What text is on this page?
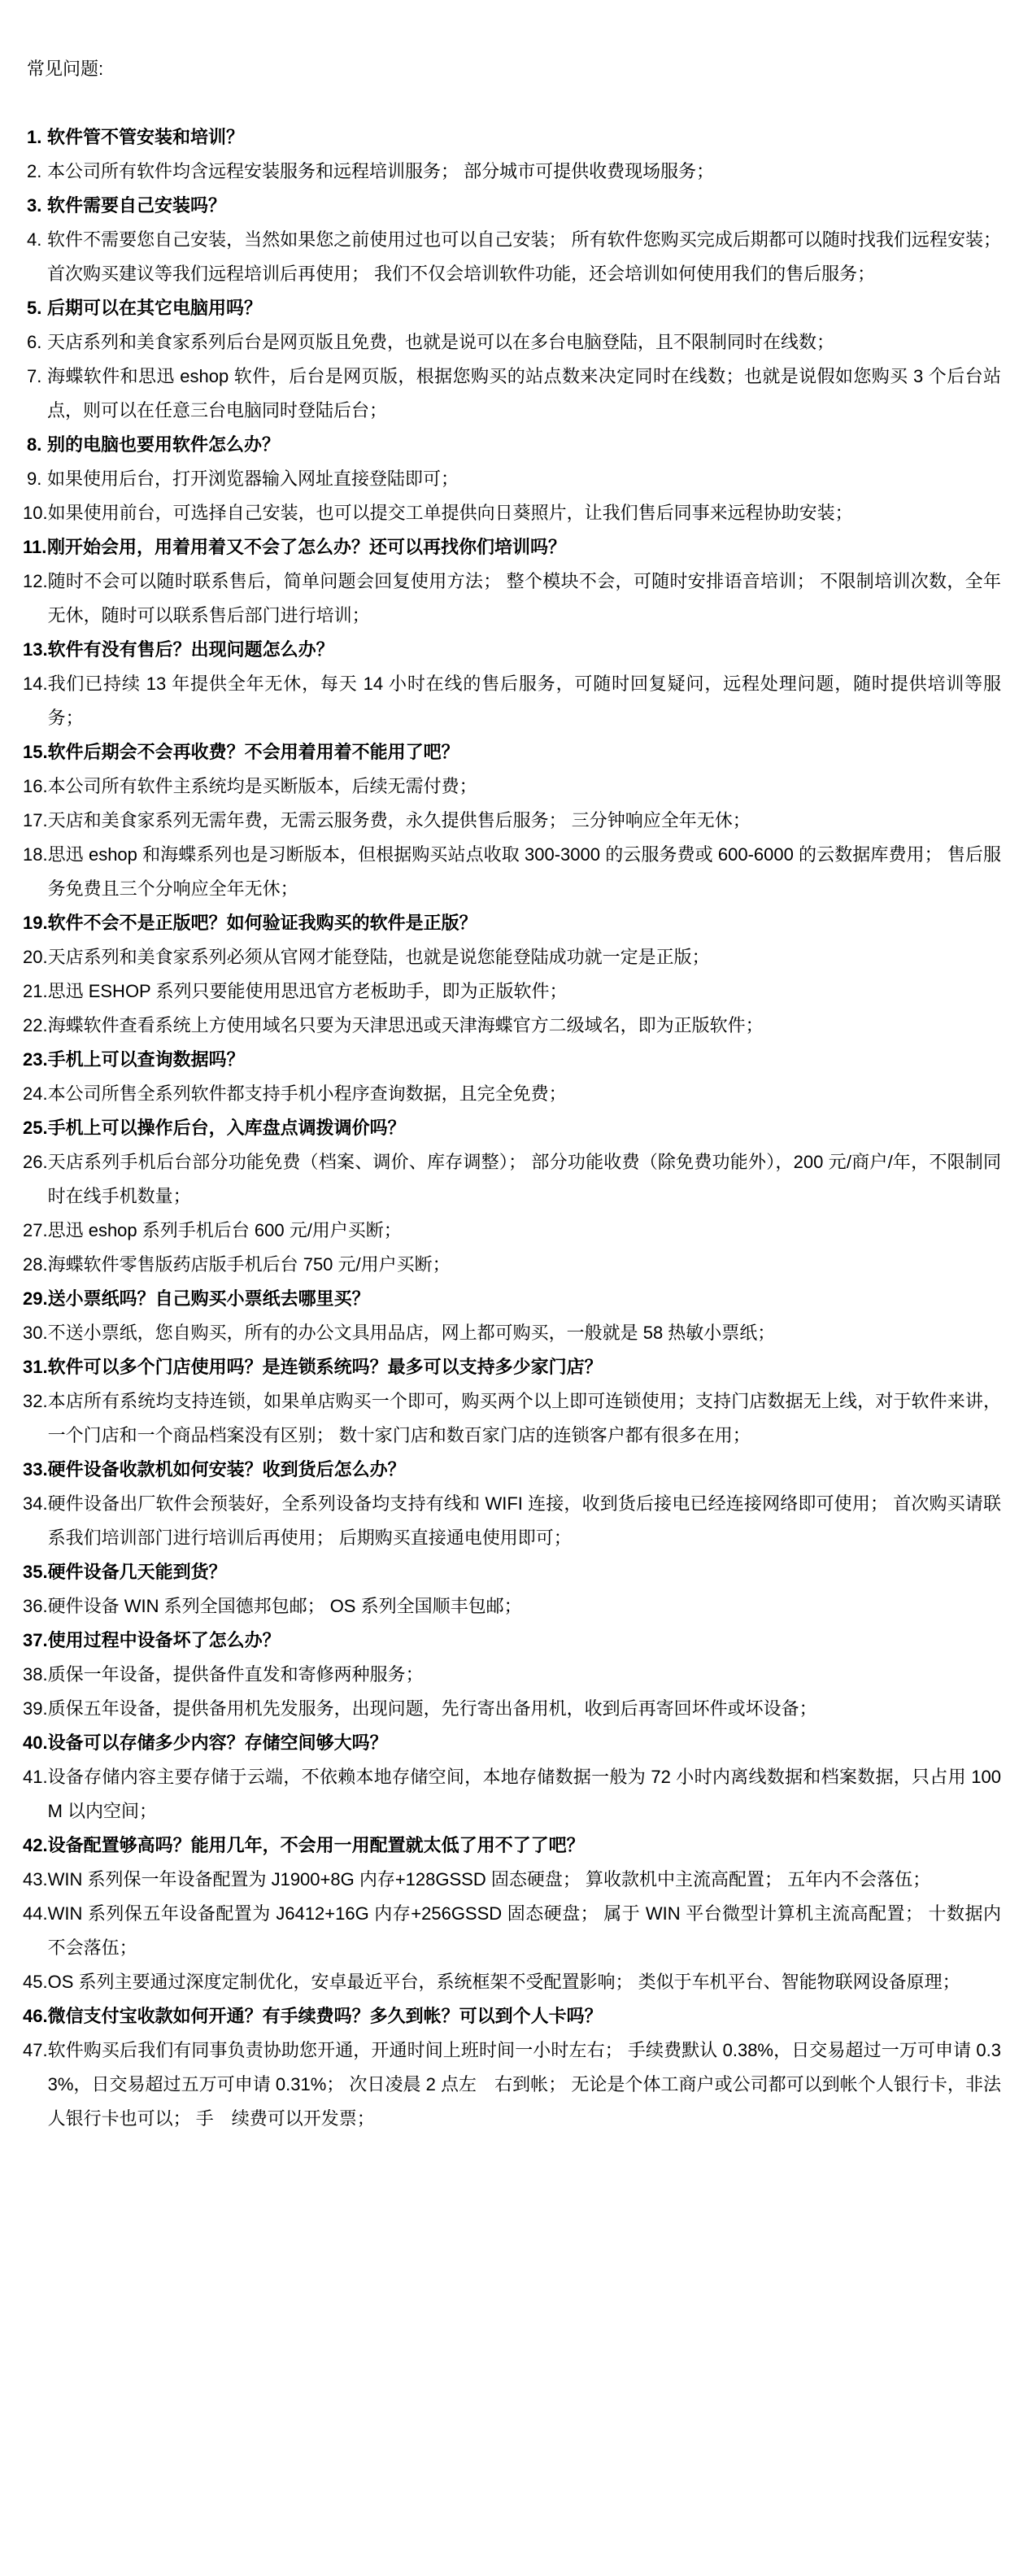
常见问题:

1. 软件管不管安装和培训？
2. 本公司所有软件均含远程安装服务和远程培训服务； 部分城市可提供收费现场服务；
3. 软件需要自己安装吗？
4. 软件不需要您自己安装，当然如果您之前使用过也可以自己安装； 所有软件您购买完成后期都可以随时找我们远程安装； 首次购买建议等我们远程培训后再使用； 我们不仅会培训软件功能，还会培训如何使用我们的售后服务；
5. 后期可以在其它电脑用吗？
6. 天店系列和美食家系列后台是网页版且免费，也就是说可以在多台电脑登陆，且不限制同时在线数；
7. 海蝶软件和思迅 eshop 软件，后台是网页版，根据您购买的站点数来决定同时在线数；也就是说假如您购买 3 个后台站点，则可以在任意三台电脑同时登陆后台；
8. 别的电脑也要用软件怎么办？
9. 如果使用后台，打开浏览器输入网址直接登陆即可；
10. 如果使用前台，可选择自己安装，也可以提交工单提供向日葵照片，让我们售后同事来远程协助安装；
11. 刚开始会用，用着用着又不会了怎么办？还可以再找你们培训吗？
12. 随时不会可以随时联系售后，简单问题会回复使用方法； 整个模块不会，可随时安排语音培训； 不限制培训次数，全年无休，随时可以联系售后部门进行培训；
13. 软件有没有售后？出现问题怎么办？
14. 我们已持续 13 年提供全年无休，每天 14 小时在线的售后服务，可随时回复疑问，远程处理问题，随时提供培训等服务；
15. 软件后期会不会再收费？不会用着用着不能用了吧？
16. 本公司所有软件主系统均是买断版本，后续无需付费；
17. 天店和美食家系列无需年费，无需云服务费，永久提供售后服务； 三分钟响应全年无休；
18. 思迅 eshop 和海蝶系列也是习断版本，但根据购买站点收取 300-3000 的云服务费或 600-6000 的云数据库费用； 售后服务免费且三个分响应全年无休；
19. 软件不会不是正版吧？如何验证我购买的软件是正版？
20. 天店系列和美食家系列必须从官网才能登陆，也就是说您能登陆成功就一定是正版；
21. 思迅 ESHOP 系列只要能使用思迅官方老板助手，即为正版软件；
22. 海蝶软件查看系统上方使用域名只要为天津思迅或天津海蝶官方二级域名，即为正版软件；
23. 手机上可以查询数据吗？
24. 本公司所售全系列软件都支持手机小程序查询数据，且完全免费；
25. 手机上可以操作后台，入库盘点调拨调价吗？
26. 天店系列手机后台部分功能免费（档案、调价、库存调整）； 部分功能收费（除免费功能外），200 元/商户/年，不限制同时在线手机数量；
27. 思迅 eshop 系列手机后台 600 元/用户买断；
28. 海蝶软件零售版药店版手机后台 750 元/用户买断；
29. 送小票纸吗？自己购买小票纸去哪里买？
30. 不送小票纸，您自购买，所有的办公文具用品店，网上都可购买，一般就是 58 热敏小票纸；
31. 软件可以多个门店使用吗？是连锁系统吗？最多可以支持多少家门店？
32. 本店所有系统均支持连锁，如果单店购买一个即可，购买两个以上即可连锁使用；支持门店数据无上线，对于软件来讲，一个门店和一个商品档案没有区别； 数十家门店和数百家门店的连锁客户都有很多在用；
33. 硬件设备收款机如何安装？收到货后怎么办？
34. 硬件设备出厂软件会预装好，全系列设备均支持有线和 WIFI 连接，收到货后接电已经连接网络即可使用； 首次购买请联系我们培训部门进行培训后再使用； 后期购买直接通电使用即可；
35. 硬件设备几天能到货？
36. 硬件设备 WIN 系列全国德邦包邮； OS 系列全国顺丰包邮；
37. 使用过程中设备坏了怎么办？
38. 质保一年设备，提供备件直发和寄修两种服务；
39. 质保五年设备，提供备用机先发服务，出现问题，先行寄出备用机，收到后再寄回坏件或坏设备；
40. 设备可以存储多少内容？存储空间够大吗？
41. 设备存储内容主要存储于云端，不依赖本地存储空间，本地存储数据一般为 72 小时内离线数据和档案数据，只占用 100M 以内空间；
42. 设备配置够高吗？能用几年，不会用一用配置就太低了用不了了吧？
43. WIN 系列保一年设备配置为 J1900+8G 内存+128GSSD 固态硬盘； 算收款机中主流高配置； 五年内不会落伍；
44. WIN 系列保五年设备配置为 J6412+16G 内存+256GSSD 固态硬盘； 属于 WIN 平台微型计算机主流高配置； 十数据内不会落伍；
45. OS 系列主要通过深度定制优化，安卓最近平台，系统框架不受配置影响； 类似于车机平台、智能物联网设备原理；
46. 微信支付宝收款如何开通？有手续费吗？多久到帐？可以到个人卡吗？
47. 软件购买后我们有同事负责协助您开通，开通时间上班时间一小时左右； 手续费默认 0.38%，日交易超过一万可申请 0.33%，日交易超过五万可申请 0.31%； 次日凌晨 2 点左　右到帐； 无论是个体工商户或公司都可以到帐个人银行卡，非法人银行卡也可以； 手　续费可以开发票；
